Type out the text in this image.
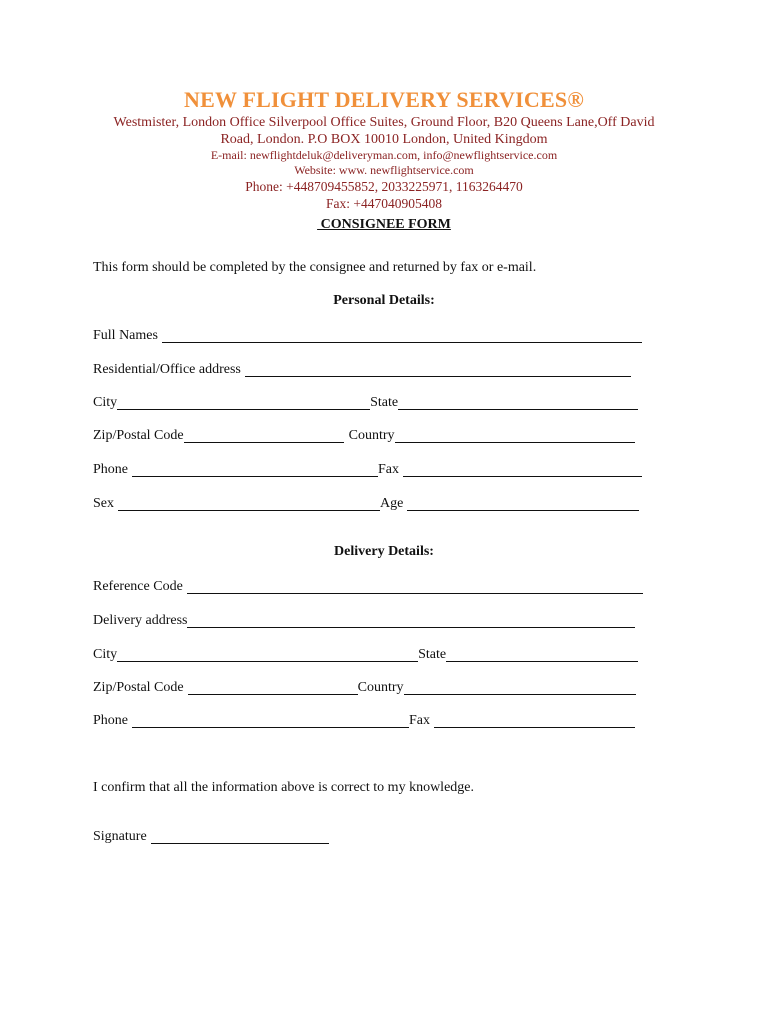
NEW FLIGHT DELIVERY SERVICES®
Westmister, London Office Silverpool Office Suites, Ground Floor, B20 Queens Lane,Off David
Road, London. P.O BOX 10010 London, United Kingdom
E-mail: newflightdeluk@deliveryman.com, info@newflightservice.com
Website: www. newflightservice.com
Phone: +448709455852, 2033225971, 1163264470
Fax: +447040905408
CONSIGNEE FORM
This form should be completed by the consignee and returned by fax or e-mail.
Personal Details:
Full Names
Residential/Office address
City	State
Zip/Postal Code	Country
Phone	Fax
Sex	Age
Delivery Details:
Reference Code
Delivery address
City	State
Zip/Postal Code	Country
Phone	Fax
I confirm that all the information above is correct to my knowledge.
Signature
